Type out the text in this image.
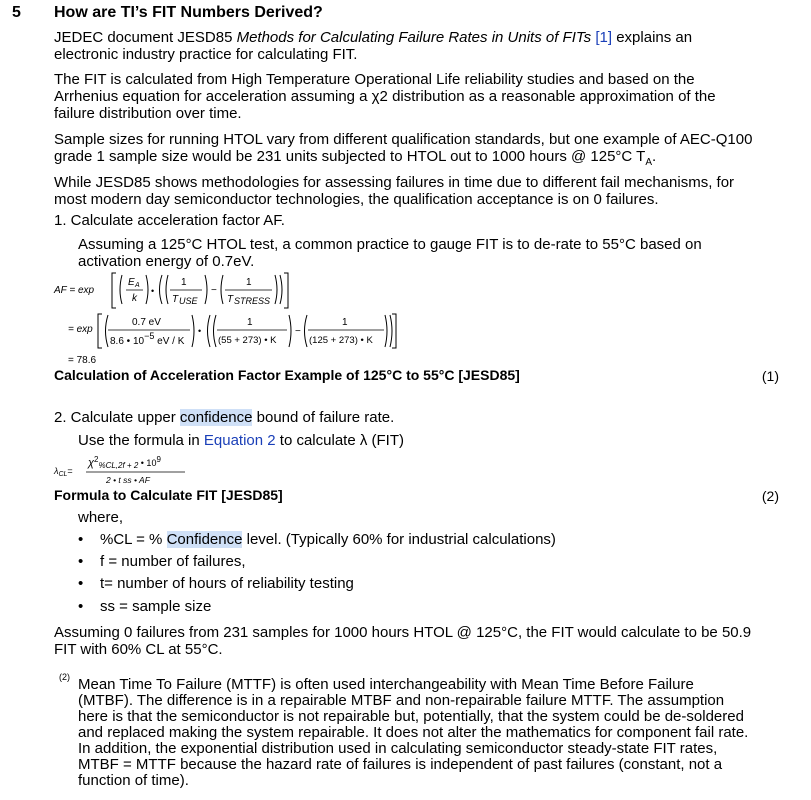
5 How are TI’s FIT Numbers Derived?
JEDEC document JESD85 Methods for Calculating Failure Rates in Units of FITs [1] explains an
electronic industry practice for calculating FIT.
The FIT is calculated from High Temperature Operational Life reliability studies and based on the
Arrhenius equation for acceleration assuming a χ2 distribution as a reasonable approximation of the
failure distribution over time.
Sample sizes for running HTOL vary from different qualification standards, but one example of AEC-Q100
grade 1 sample size would be 231 units subjected to HTOL out to 1000 hours @ 125°C $T_A$.
While JESD85 shows methodologies for assessing failures in time due to different fail mechanisms, for
most modern day semiconductor technologies, the qualification acceptance is on 0 failures.
1. Calculate acceleration factor AF.
Assuming a 125°C HTOL test, a common practice to gauge FIT is to de-rate to 55°C based on
activation energy of 0.7eV.
AF = exp
E A
k
•
1
T USE
−
1
T STRESS
= exp
0.7 eV
8.6 • 10−5 eV / K
•
1
(55 + 273) • K
−
1
(125 + 273) • K
= 78.6
Calculation of Acceleration Factor Example of 125°C to 55°C [JESD85]	(1)
2. Calculate upper confidence bound of failure rate.
Use the formula in Equation 2 to calculate λ (FIT)
$\lambda_{CL}=$
$\chi^2_{\%CL,2f + 2}$ • $10^9$
2 • t ss • AF
Formula to Calculate FIT [JESD85]	(2)
where,
• %CL = % Confidence level. (Typically 60% for industrial calculations)
• f = number of failures,
• t= number of hours of reliability testing
• ss = sample size
Assuming 0 failures from 231 samples for 1000 hours HTOL @ 125°C, the FIT would calculate to be 50.9
FIT with 60% CL at 55°C.
(2) Mean Time To Failure (MTTF) is often used interchangeability with Mean Time Before Failure
(MTBF). The difference is in a repairable MTBF and non-repairable failure MTTF. The assumption
here is that the semiconductor is not repairable but, potentially, that the system could be de-soldered
and replaced making the system repairable. It does not alter the mathematics for component fail rate.
In addition, the exponential distribution used in calculating semiconductor steady-state FIT rates,
MTBF = MTTF because the hazard rate of failures is independent of past failures (constant, not a
function of time).
